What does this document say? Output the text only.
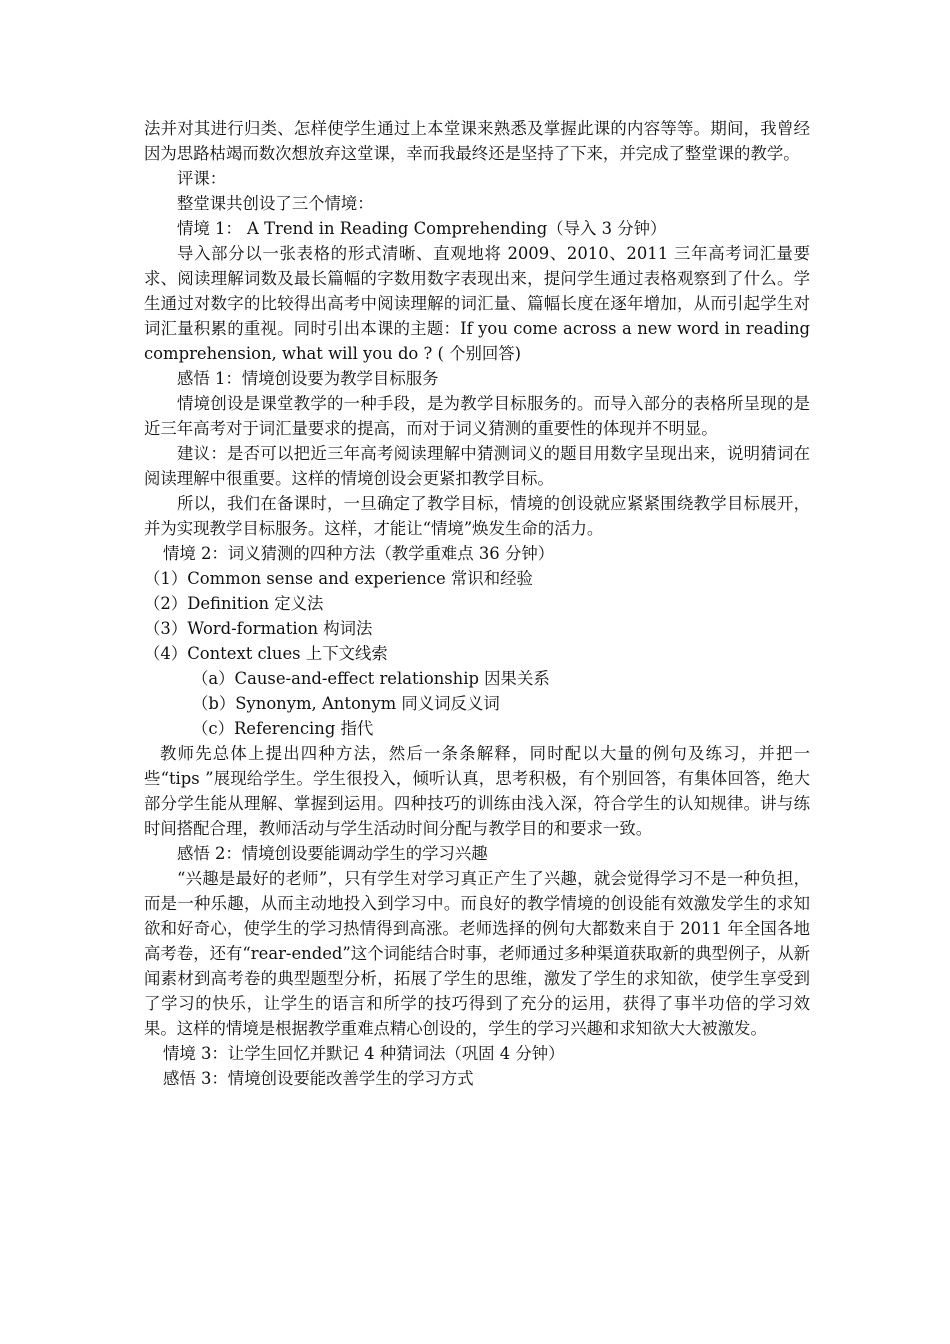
法并对其进行归类、怎样使学生通过上本堂课来熟悉及掌握此课的内容等等。期间，我曾经因为思路枯竭而数次想放弃这堂课，幸而我最终还是坚持了下来，并完成了整堂课的教学。

评课：

整堂课共创设了三个情境：

情境 1： A Trend in Reading Comprehending（导入 3 分钟）

导入部分以一张表格的形式清晰、直观地将 2009、2010、2011 三年高考词汇量要求、阅读理解词数及最长篇幅的字数用数字表现出来，提问学生通过表格观察到了什么。学生通过对数字的比较得出高考中阅读理解的词汇量、篇幅长度在逐年增加，从而引起学生对词汇量积累的重视。同时引出本课的主题：If you come across a new word in reading comprehension, what will you do ? ( 个别回答)

感悟 1：情境创设要为教学目标服务

情境创设是课堂教学的一种手段，是为教学目标服务的。而导入部分的表格所呈现的是近三年高考对于词汇量要求的提高，而对于词义猜测的重要性的体现并不明显。

建议：是否可以把近三年高考阅读理解中猜测词义的题目用数字呈现出来，说明猜词在阅读理解中很重要。这样的情境创设会更紧扣教学目标。

所以，我们在备课时，一旦确定了教学目标，情境的创设就应紧紧围绕教学目标展开，并为实现教学目标服务。这样，才能让“情境”焕发生命的活力。

情境 2：词义猜测的四种方法（教学重难点 36 分钟）

（1）Common sense and experience 常识和经验

（2）Definition 定义法

（3）Word-formation 构词法

（4）Context clues 上下文线索

（a）Cause-and-effect relationship 因果关系

（b）Synonym, Antonym 同义词反义词

（c）Referencing 指代

教师先总体上提出四种方法，然后一条条解释，同时配以大量的例句及练习，并把一些“tips ”展现给学生。学生很投入，倾听认真，思考积极，有个别回答，有集体回答，绝大部分学生能从理解、掌握到运用。四种技巧的训练由浅入深，符合学生的认知规律。讲与练时间搭配合理，教师活动与学生活动时间分配与教学目的和要求一致。

感悟 2：情境创设要能调动学生的学习兴趣

“兴趣是最好的老师”，只有学生对学习真正产生了兴趣，就会觉得学习不是一种负担，而是一种乐趣，从而主动地投入到学习中。而良好的教学情境的创设能有效激发学生的求知欲和好奇心，使学生的学习热情得到高涨。老师选择的例句大都数来自于 2011 年全国各地高考卷，还有“rear-ended”这个词能结合时事，老师通过多种渠道获取新的典型例子，从新闻素材到高考卷的典型题型分析，拓展了学生的思维，激发了学生的求知欲，使学生享受到了学习的快乐，让学生的语言和所学的技巧得到了充分的运用，获得了事半功倍的学习效果。这样的情境是根据教学重难点精心创设的，学生的学习兴趣和求知欲大大被激发。

情境 3：让学生回忆并默记 4 种猜词法（巩固 4 分钟）

感悟 3：情境创设要能改善学生的学习方式
